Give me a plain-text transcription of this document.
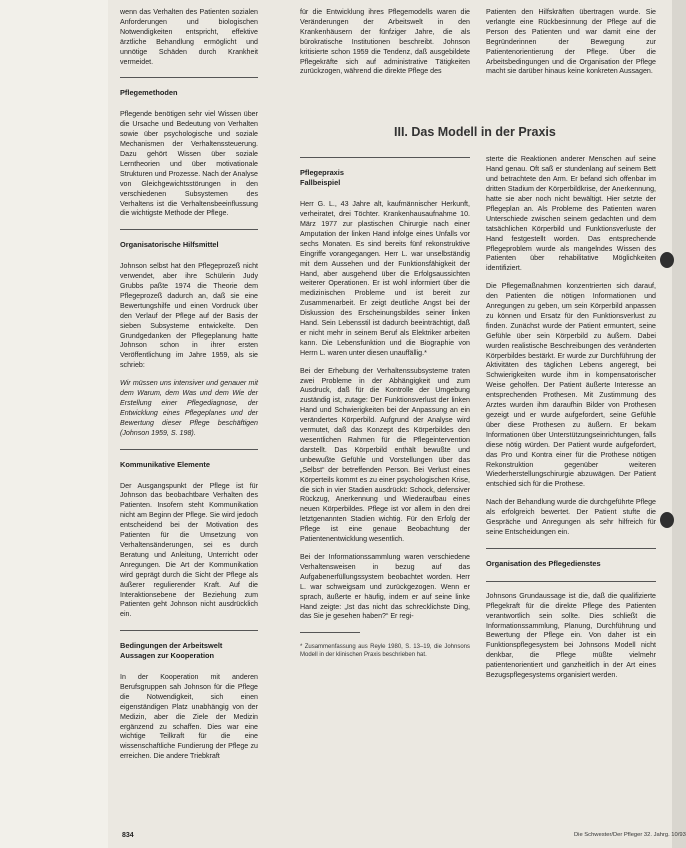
wenn das Verhalten des Patienten sozialen Anforderungen und biologischen Notwendigkeiten entspricht, effektive ärztliche Behandlung ermöglicht und unnötige Schäden durch Krankheit vermeidet.

Pflegemethoden

Pflegende benötigen sehr viel Wissen über die Ursache und Bedeutung von Verhalten sowie über psychologische und soziale Mechanismen der Verhaltenssteuerung. Dazu gehört Wissen über soziale Lerntheorien und über motivationale Strukturen und Prozesse. Nach der Analyse von Gleichgewichtsstörungen in den verschiedenen Subsystemen des Verhaltens ist die Verhaltensbeeinflussung die wichtigste Methode der Pflege.

Organisatorische Hilfsmittel

Johnson selbst hat den Pflegeprozeß nicht verwendet, aber ihre Schülerin Judy Grubbs paßte 1974 die Theorie dem Pflegeprozeß dadurch an, daß sie eine Bewertungshilfe und einen Vordruck über den Verlauf der Pflege auf der Basis der sieben Subsysteme entwickelte. Den Grundgedanken der Pflegeplanung hatte Johnson schon in ihrer ersten Veröffentlichung im Jahre 1959, als sie schrieb:

Wir müssen uns intensiver und genauer mit dem Warum, dem Was und dem Wie der Erstellung einer Pflegediagnose, der Entwicklung eines Pflegeplanes und der Bewertung dieser Pflege beschäftigen (Johnson 1959, S. 198).

Kommunikative Elemente

Der Ausgangspunkt der Pflege ist für Johnson das beobachtbare Verhalten des Patienten. Insofern steht Kommunikation nicht am Beginn der Pflege. Sie wird jedoch entscheidend bei der Motivation des Patienten für die Umsetzung von Verhaltensänderungen, sei es durch Beratung und Anleitung, Unterricht oder Anregungen. Die Art der Kommunikation wird geprägt durch die Sicht der Pflege als äußerer regulierender Kraft. Auf die Interaktionsebene der Beziehung zum Patienten geht Johnson nicht ausdrücklich ein.

Bedingungen der Arbeitswelt
Aussagen zur Kooperation

In der Kooperation mit anderen Berufsgruppen sah Johnson für die Pflege die Notwendigkeit, sich einen eigenständigen Platz unabhängig von der Medizin, aber die Ziele der Medizin ergänzend zu schaffen. Dies war eine wichtige Teilkraft für die eine wissenschaftliche Fundierung der Pflege zu erreichen. Die andere Triebkraft

für die Entwicklung ihres Pflegemodells waren die Veränderungen der Arbeitswelt in den Krankenhäusern der fünfziger Jahre, die als bürokratische Institutionen beschreibt. Johnson kritisierte schon 1959 die Tendenz, daß ausgebildete Pflegekräfte sich auf administrative Tätigkeiten zurückzogen, während die direkte Pflege des

Pflegepraxis
Fallbeispiel

Herr G. L., 43 Jahre alt, kaufmännischer Herkunft, verheiratet, drei Töchter. Krankenhausaufnahme 10. März 1977 zur plastischen Chirurgie nach einer Amputation der linken Hand infolge eines Unfalls vor sechs Monaten. Es sind bereits fünf rekonstruktive Eingriffe vorangegangen. Herr L. war unselbständig mit dem Aussehen und der Funktionsfähigkeit der Hand, aber ausgehend über die Erfolgsaussichten weiterer Operationen. Er ist wohl informiert über die medizinischen Probleme und ist bereit zur Zusammenarbeit. Er zeigt deutliche Angst bei der Diskussion des Erscheinungsbildes seiner linken Hand. Sein Lebensstil ist dadurch beeinträchtigt, daß er nicht mehr in seinem Beruf als Elektriker arbeiten kann. Die Lebensfunktion und die Biographie von Herrn L. waren unter diesen unauffällig.*

Bei der Erhebung der Verhaltenssubsysteme traten zwei Probleme in der Abhängigkeit und zum Ausdruck, daß für die Kontrolle der Umgebung zuständig ist, zutage: Der Funktionsverlust der linken Hand und Schwierigkeiten bei der Anpassung an ein verändertes Körperbild. Aufgrund der Analyse wird vermutet, daß das Konzept des Körperbildes den wesentlichen Rahmen für die Pflegeintervention darstellt. Das Körperbild enthält bewußte und unbewußte Gefühle und Vorstellungen über das „Selbst“ der betreffenden Person. Bei Verlust eines Körperteils kommt es zu einer psychologischen Krise, die sich in vier Stadien ausdrückt: Schock, defensiver Rückzug, Anerkennung und Wiederaufbau eines neuen Körperbildes. Pflege ist vor allem in den drei letztgenannten Stadien wichtig. Für den Erfolg der Pflege ist eine genaue Beobachtung der Patientenentwicklung wesentlich.

Bei der Informationssammlung waren verschiedene Verhaltensweisen in bezug auf das Aufgabenerfüllungssystem beobachtet worden. Herr L. war schweigsam und zurückgezogen. Wenn er sprach, äußerte er häufig, indem er auf seine linke Hand zeigte: „Ist das nicht das schrecklichste Ding, das Sie je gesehen haben?“ Er regi-

* Zusammenfassung aus Reyle 1980, S. 13–19, die Johnsons Modell in der klinischen Praxis beschrieben hat.

III. Das Modell in der Praxis

Patienten den Hilfskräften übertragen wurde. Sie verlangte eine Rückbesinnung der Pflege auf die Person des Patienten und war damit eine der Begründerinnen der Bewegung zur Patientenorientierung der Pflege. Über die Arbeitsbedingungen und die Organisation der Pflege macht sie darüber hinaus keine konkreten Aussagen.

sterte die Reaktionen anderer Menschen auf seine Hand genau. Oft saß er stundenlang auf seinem Bett und betrachtete den Arm. Er befand sich offenbar im dritten Stadium der Körperbildkrise, der Anerkennung, hatte sie aber noch nicht bewältigt. Hier setzte der Pflegeplan an. Als Probleme des Patienten waren Unterschiede zwischen seinem gedachten und dem tatsächlichen Körperbild und Funktionsverluste der Hand festgestellt worden. Das entsprechende Pflegeproblem wurde als mangelndes Wissen des Patienten über rehabilitative Möglichkeiten identifiziert.

Die Pflegemaßnahmen konzentrierten sich darauf, den Patienten die nötigen Informationen und Anregungen zu geben, um sein Körperbild anpassen zu können und Ersatz für den Funktionsverlust zu finden. Zunächst wurde der Patient ermuntert, seine Gefühle über sein Körperbild zu äußern. Dabei wurden realistische Beschreibungen des veränderten Körperbildes bestärkt. Er wurde zur Durchführung der Aktivitäten des täglichen Lebens angeregt, bei Schwierigkeiten wurde ihm in kompensatorischer Weise geholfen. Der Patient äußerte Interesse an entsprechenden Prothesen. Mit Zustimmung des Arztes wurden ihm daraufhin Bilder von Prothesen gezeigt und er wurde aufgefordert, seine Gefühle über diese Prothesen zu äußern. Er bekam Informationen über Unterstützungseinrichtungen, falls diese nötig würden. Der Patient wurde aufgefordert, das Pro und Kontra einer für die Prothese nötigen Rekonstruktion gegenüber weiteren Wiederherstellungschirurgie abzuwägen. Der Patient entschied sich für die Prothese.

Nach der Behandlung wurde die durchgeführte Pflege als erfolgreich bewertet. Der Patient stufte die Gespräche und Anregungen als sehr hilfreich für seine Entscheidungen ein.

Organisation des Pflegedienstes

Johnsons Grundaussage ist die, daß die qualifizierte Pflegekraft für die direkte Pflege des Patienten verantwortlich sein sollte. Dies schließt die Informationssammlung, Planung, Durchführung und Bewertung der Pflege ein. Von daher ist ein Funktionspflegesystem bei Johnsons Modell nicht denkbar, die Pflege müßte vielmehr patientenorientiert und ganzheitlich in der Art eines Bezugspflegesystems organisiert werden.

834	Die Schwester/Der Pfleger 32. Jahrg. 10/93
